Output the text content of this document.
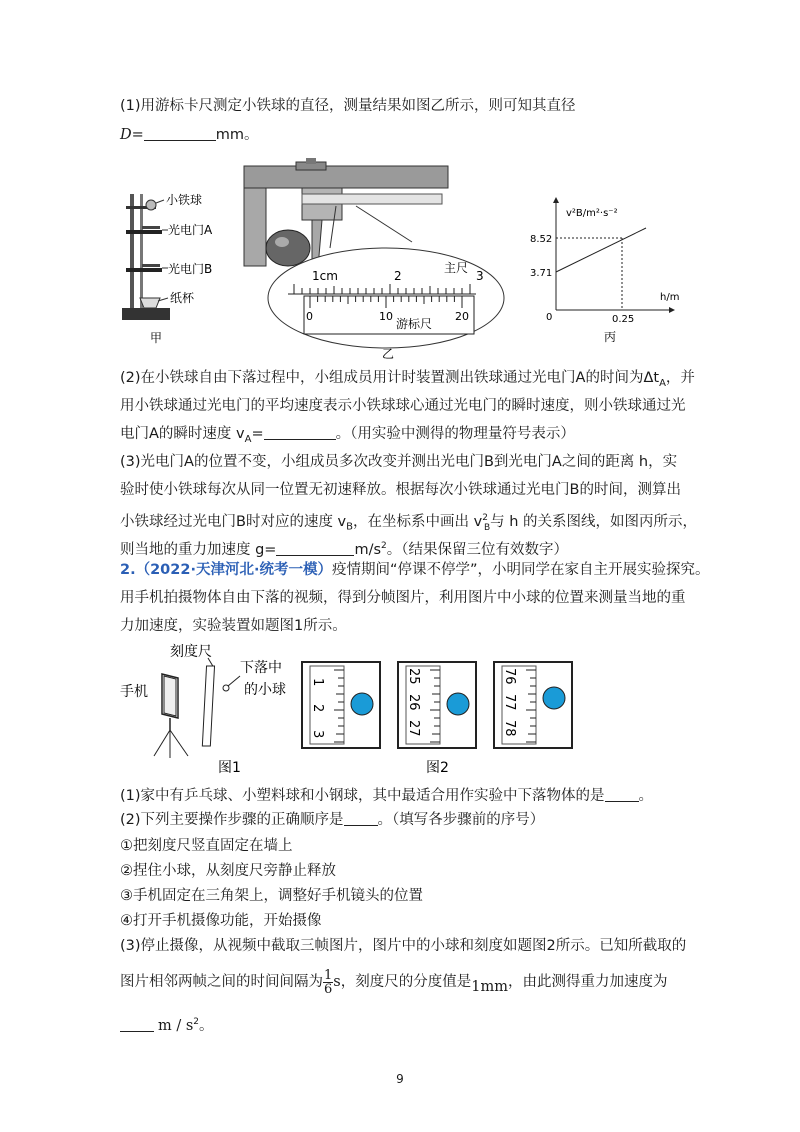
(1)用游标卡尺测定小铁球的直径，测量结果如图乙所示，则可知其直径
D=	mm。
小铁球
光电门A
光电门B
纸杯
甲
1cm	2	3
主尺
0	10	20
游标尺
乙
v²B/m²·s⁻²
h/m
8.52
3.71
0	0.25
丙
(2)在小铁球自由下落过程中，小组成员用计时装置测出铁球通过光电门A的时间为$\Delta t_A$，并
用小铁球通过光电门的平均速度表示小铁球球心通过光电门的瞬时速度，则小铁球通过光
电门A的瞬时速度 $v_A=$	。（用实验中测得的物理量符号表示）
(3)光电门A的位置不变，小组成员多次改变并测出光电门B到光电门A之间的距离 h，实
验时使小铁球每次从同一位置无初速释放。根据每次小铁球通过光电门B的时间，测算出
小铁球经过光电门B时对应的速度 $v_B$，在坐标系中画出 $v^2_B$与 h 的关系图线，如图丙所示，
则当地的重力加速度 g=	$m/s^2$。（结果保留三位有效数字）
2.（2022·天津河北·统考一模）疫情期间“停课不停学”，小明同学在家自主开展实验探究。
用手机拍摄物体自由下落的视频，得到分帧图片，利用图片中小球的位置来测量当地的重
力加速度，实验装置如题图1所示。
刻度尺
下落中
的小球
手机
图1
1
2
3
25
26
27
76
77
78
图2
(1)家中有乒乓球、小塑料球和小钢球，其中最适合用作实验中下落物体的是 。
(2)下列主要操作步骤的正确顺序是 。（填写各步骤前的序号）
①把刻度尺竖直固定在墙上
②捏住小球，从刻度尺旁静止释放
③手机固定在三角架上，调整好手机镜头的位置
④打开手机摄像功能，开始摄像
(3)停止摄像，从视频中截取三帧图片，图片中的小球和刻度如题图2所示。已知所截取的
图片相邻两帧之间的时间间隔为 $\frac{1}{6}$ s，刻度尺的分度值是1mm，由此测得重力加速度为
m / $s^2$。
9
